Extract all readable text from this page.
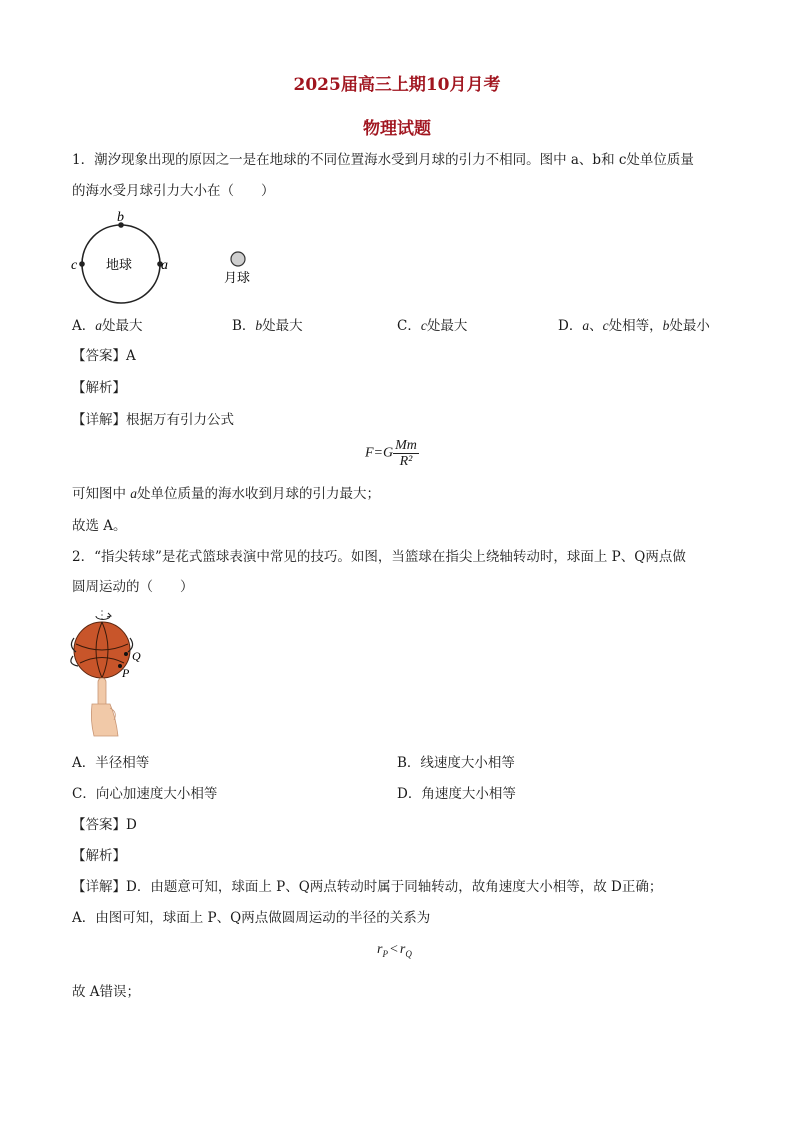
2025届高三上期10月月考
物理试题
1．潮汐现象出现的原因之一是在地球的不同位置海水受到月球的引力不相同。图中 a、b和 c处单位质量
的海水受月球引力大小在（　　）
b
a
c 地球
月球
A．a处最大	B．b处最大	C．c处最大	D．a、c处相等，b处最小
【答案】A
【解析】
【详解】根据万有引力公式
$F=G \frac{Mm}{\text{R²}}$
可知图中 a处单位质量的海水收到月球的引力最大；
故选 A。
2．“指尖转球”是花式篮球表演中常见的技巧。如图，当篮球在指尖上绕轴转动时，球面上 P、Q两点做
圆周运动的（　　）
Q
P
A．半径相等	B．线速度大小相等
C．向心加速度大小相等	D．角速度大小相等
【答案】D
【解析】
【详解】D．由题意可知，球面上 P、Q两点转动时属于同轴转动，故角速度大小相等，故 D正确；
A．由图可知，球面上 P、Q两点做圆周运动的半径的关系为
$r_P < r_Q$
故 A错误；
